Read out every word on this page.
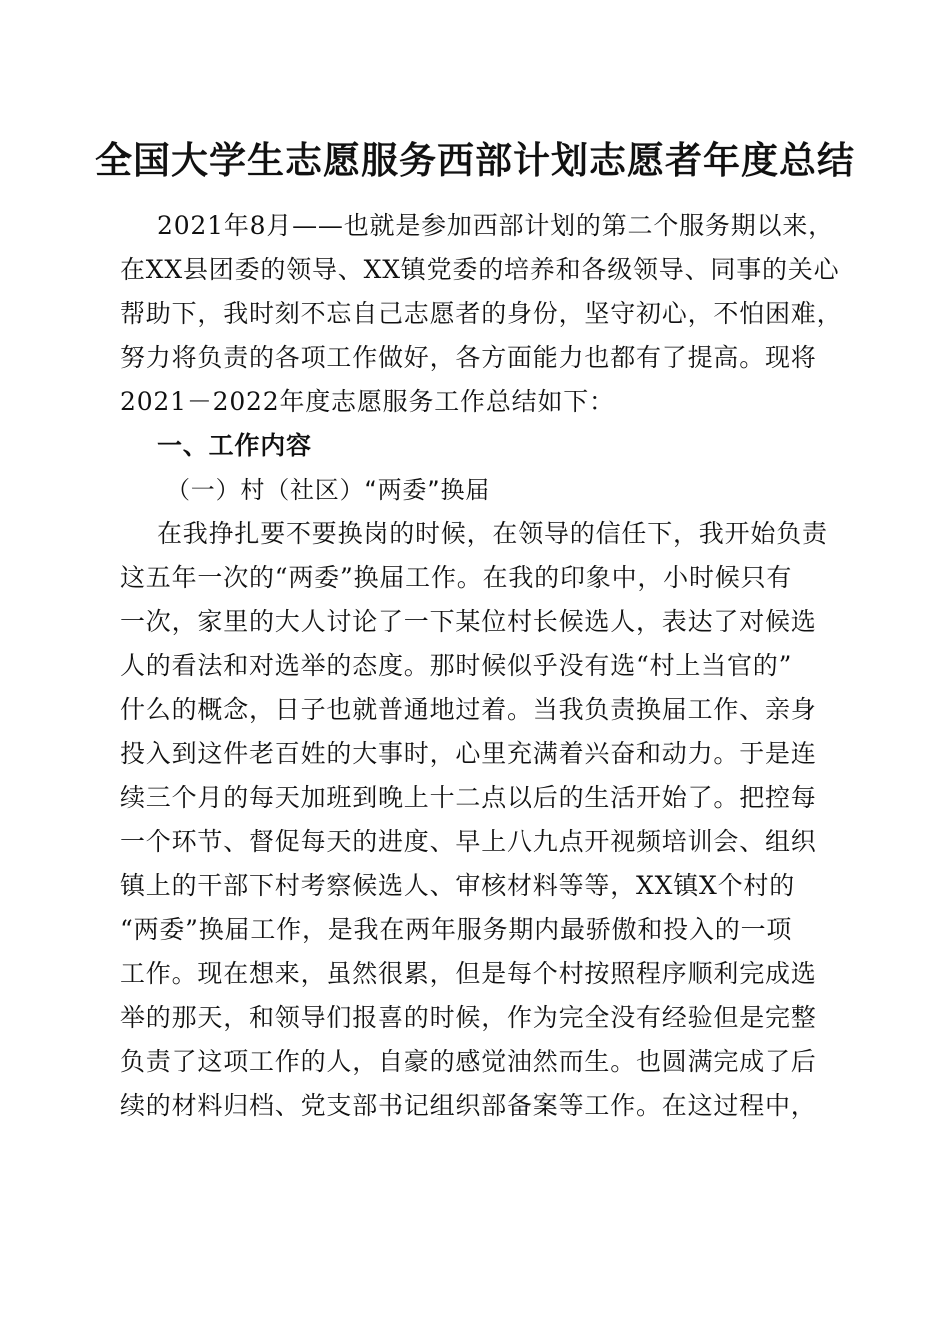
全国大学生志愿服务西部计划志愿者年度总结
2021年8月——也就是参加西部计划的第二个服务期以来，
在XX县团委的领导、XX镇党委的培养和各级领导、同事的关心
帮助下，我时刻不忘自己志愿者的身份，坚守初心，不怕困难，
努力将负责的各项工作做好，各方面能力也都有了提高。现将
2021－2022年度志愿服务工作总结如下：
一、工作内容
（一）村（社区）“两委”换届
在我挣扎要不要换岗的时候，在领导的信任下，我开始负责
这五年一次的“两委”换届工作。在我的印象中，小时候只有
一次，家里的大人讨论了一下某位村长候选人，表达了对候选
人的看法和对选举的态度。那时候似乎没有选“村上当官的”
什么的概念，日子也就普通地过着。当我负责换届工作、亲身
投入到这件老百姓的大事时，心里充满着兴奋和动力。于是连
续三个月的每天加班到晚上十二点以后的生活开始了。把控每
一个环节、督促每天的进度、早上八九点开视频培训会、组织
镇上的干部下村考察候选人、审核材料等等，XX镇X个村的
“两委”换届工作，是我在两年服务期内最骄傲和投入的一项
工作。现在想来，虽然很累，但是每个村按照程序顺利完成选
举的那天，和领导们报喜的时候，作为完全没有经验但是完整
负责了这项工作的人，自豪的感觉油然而生。也圆满完成了后
续的材料归档、党支部书记组织部备案等工作。在这过程中，
